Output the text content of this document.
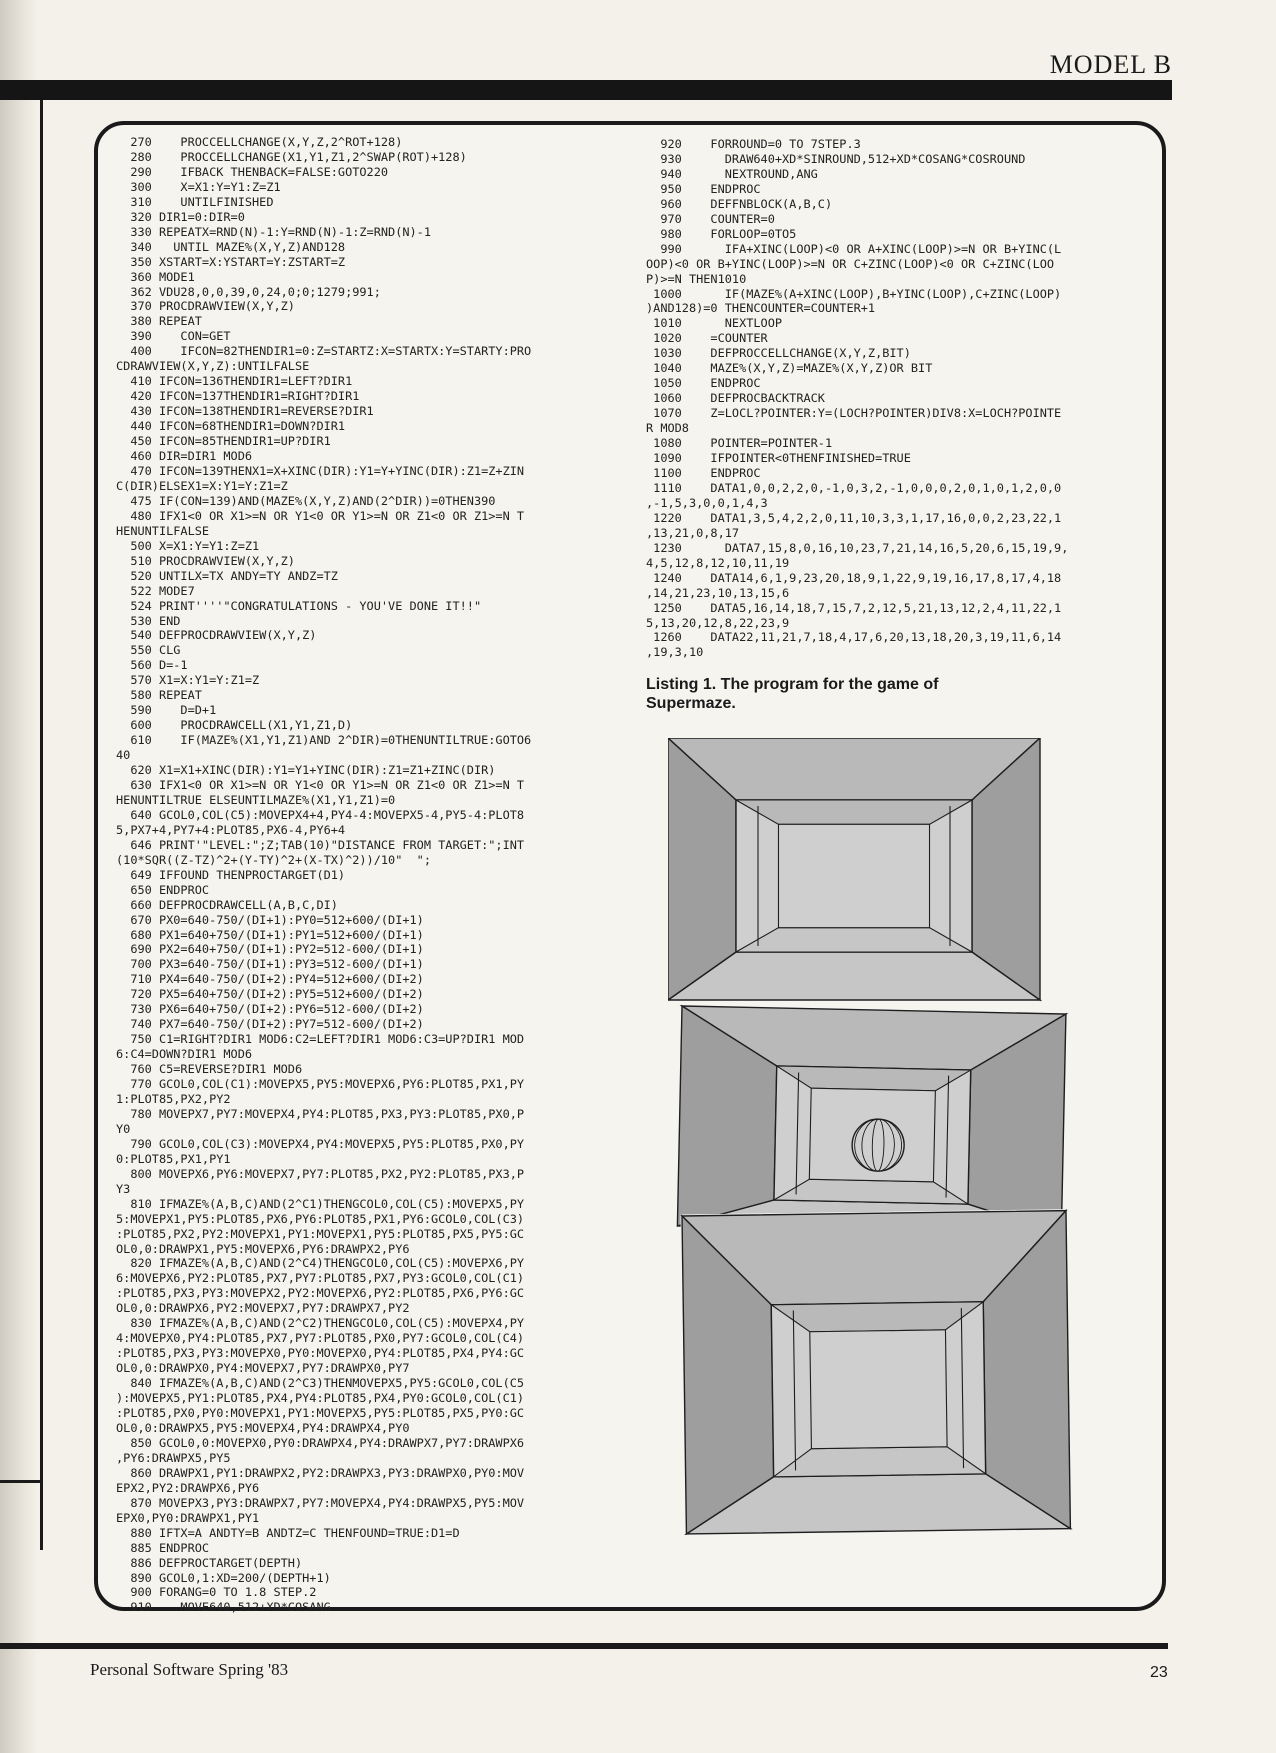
MODEL B
270    PROCCELLCHANGE(X,Y,Z,2^ROT+128)
280    PROCCELLCHANGE(X1,Y1,Z1,2^SWAP(ROT)+128)
290    IFBACK THENBACK=FALSE:GOTO220
300    X=X1:Y=Y1:Z=Z1
310    UNTILFINISHED
320 DIR1=0:DIR=0
330 REPEATX=RND(N)-1:Y=RND(N)-1:Z=RND(N)-1
340   UNTIL MAZE%(X,Y,Z)AND128
350 XSTART=X:YSTART=Y:ZSTART=Z
360 MODE1
362 VDU28,0,0,39,0,24,0;0;1279;991;
370 PROCDRAWVIEW(X,Y,Z)
380 REPEAT
390    CON=GET
400    IFCON=82THENDIR1=0:Z=STARTZ:X=STARTX:Y=STARTY:PRO
CDRAWVIEW(X,Y,Z):UNTILFALSE
410 IFCON=136THENDIR1=LEFT?DIR1
420 IFCON=137THENDIR1=RIGHT?DIR1
430 IFCON=138THENDIR1=REVERSE?DIR1
440 IFCON=68THENDIR1=DOWN?DIR1
450 IFCON=85THENDIR1=UP?DIR1
460 DIR=DIR1 MOD6
470 IFCON=139THENX1=X+XINC(DIR):Y1=Y+YINC(DIR):Z1=Z+ZIN
C(DIR)ELSEX1=X:Y1=Y:Z1=Z
475 IF(CON=139)AND(MAZE%(X,Y,Z)AND(2^DIR))=0THEN390
480 IFX1<0 OR X1>=N OR Y1<0 OR Y1>=N OR Z1<0 OR Z1>=N T
HENUNTILFALSE
500 X=X1:Y=Y1:Z=Z1
510 PROCDRAWVIEW(X,Y,Z)
520 UNTILX=TX ANDY=TY ANDZ=TZ
522 MODE7
524 PRINT''''"CONGRATULATIONS - YOU'VE DONE IT!!"
530 END
540 DEFPROCDRAWVIEW(X,Y,Z)
550 CLG
560 D=-1
570 X1=X:Y1=Y:Z1=Z
580 REPEAT
590    D=D+1
600    PROCDRAWCELL(X1,Y1,Z1,D)
610    IF(MAZE%(X1,Y1,Z1)AND 2^DIR)=0THENUNTILTRUE:GOTO6
40
620 X1=X1+XINC(DIR):Y1=Y1+YINC(DIR):Z1=Z1+ZINC(DIR)
630 IFX1<0 OR X1>=N OR Y1<0 OR Y1>=N OR Z1<0 OR Z1>=N T
HENUNTILTRUE ELSEUNTILMAZE%(X1,Y1,Z1)=0
640 GCOL0,COL(C5):MOVEPX4+4,PY4-4:MOVEPX5-4,PY5-4:PLOT8
5,PX7+4,PY7+4:PLOT85,PX6-4,PY6+4
646 PRINT'"LEVEL:";Z;TAB(10)"DISTANCE FROM TARGET:";INT
(10*SQR((Z-TZ)^2+(Y-TY)^2+(X-TX)^2))/10"  ";
649 IFFOUND THENPROCTARGET(D1)
650 ENDPROC
660 DEFPROCDRAWCELL(A,B,C,DI)
670 PX0=640-750/(DI+1):PY0=512+600/(DI+1)
680 PX1=640+750/(DI+1):PY1=512+600/(DI+1)
690 PX2=640+750/(DI+1):PY2=512-600/(DI+1)
700 PX3=640-750/(DI+1):PY3=512-600/(DI+1)
710 PX4=640-750/(DI+2):PY4=512+600/(DI+2)
720 PX5=640+750/(DI+2):PY5=512+600/(DI+2)
730 PX6=640+750/(DI+2):PY6=512-600/(DI+2)
740 PX7=640-750/(DI+2):PY7=512-600/(DI+2)
750 C1=RIGHT?DIR1 MOD6:C2=LEFT?DIR1 MOD6:C3=UP?DIR1 MOD
6:C4=DOWN?DIR1 MOD6
760 C5=REVERSE?DIR1 MOD6
770 GCOL0,COL(C1):MOVEPX5,PY5:MOVEPX6,PY6:PLOT85,PX1,PY
1:PLOT85,PX2,PY2
780 MOVEPX7,PY7:MOVEPX4,PY4:PLOT85,PX3,PY3:PLOT85,PX0,P
Y0
790 GCOL0,COL(C3):MOVEPX4,PY4:MOVEPX5,PY5:PLOT85,PX0,PY
0:PLOT85,PX1,PY1
800 MOVEPX6,PY6:MOVEPX7,PY7:PLOT85,PX2,PY2:PLOT85,PX3,P
Y3
810 IFMAZE%(A,B,C)AND(2^C1)THENGCOL0,COL(C5):MOVEPX5,PY
5:MOVEPX1,PY5:PLOT85,PX6,PY6:PLOT85,PX1,PY6:GCOL0,COL(C3)
:PLOT85,PX2,PY2:MOVEPX1,PY1:MOVEPX1,PY5:PLOT85,PX5,PY5:GC
OL0,0:DRAWPX1,PY5:MOVEPX6,PY6:DRAWPX2,PY6
820 IFMAZE%(A,B,C)AND(2^C4)THENGCOL0,COL(C5):MOVEPX6,PY
6:MOVEPX6,PY2:PLOT85,PX7,PY7:PLOT85,PX7,PY3:GCOL0,COL(C1)
:PLOT85,PX3,PY3:MOVEPX2,PY2:MOVEPX6,PY2:PLOT85,PX6,PY6:GC
OL0,0:DRAWPX6,PY2:MOVEPX7,PY7:DRAWPX7,PY2
830 IFMAZE%(A,B,C)AND(2^C2)THENGCOL0,COL(C5):MOVEPX4,PY
4:MOVEPX0,PY4:PLOT85,PX7,PY7:PLOT85,PX0,PY7:GCOL0,COL(C4)
:PLOT85,PX3,PY3:MOVEPX0,PY0:MOVEPX0,PY4:PLOT85,PX4,PY4:GC
OL0,0:DRAWPX0,PY4:MOVEPX7,PY7:DRAWPX0,PY7
840 IFMAZE%(A,B,C)AND(2^C3)THENMOVEPX5,PY5:GCOL0,COL(C5
):MOVEPX5,PY1:PLOT85,PX4,PY4:PLOT85,PX4,PY0:GCOL0,COL(C1)
:PLOT85,PX0,PY0:MOVEPX1,PY1:MOVEPX5,PY5:PLOT85,PX5,PY0:GC
OL0,0:DRAWPX5,PY5:MOVEPX4,PY4:DRAWPX4,PY0
850 GCOL0,0:MOVEPX0,PY0:DRAWPX4,PY4:DRAWPX7,PY7:DRAWPX6
,PY6:DRAWPX5,PY5
860 DRAWPX1,PY1:DRAWPX2,PY2:DRAWPX3,PY3:DRAWPX0,PY0:MOV
EPX2,PY2:DRAWPX6,PY6
870 MOVEPX3,PY3:DRAWPX7,PY7:MOVEPX4,PY4:DRAWPX5,PY5:MOV
EPX0,PY0:DRAWPX1,PY1
880 IFTX=A ANDTY=B ANDTZ=C THENFOUND=TRUE:D1=D
885 ENDPROC
886 DEFPROCTARGET(DEPTH)
890 GCOL0,1:XD=200/(DEPTH+1)
900 FORANG=0 TO 1.8 STEP.2
910    MOVE640,512+XD*COSANG
920    FORROUND=0 TO 7STEP.3
930      DRAW640+XD*SINROUND,512+XD*COSANG*COSROUND
940      NEXTROUND,ANG
950    ENDPROC
960    DEFFNBLOCK(A,B,C)
970    COUNTER=0
980    FORLOOP=0TO5
990      IFA+XINC(LOOP)<0 OR A+XINC(LOOP)>=N OR B+YINC(L
OOP)<0 OR B+YINC(LOOP)>=N OR C+ZINC(LOOP)<0 OR C+ZINC(LOO
P)>=N THEN1010
1000      IF(MAZE%(A+XINC(LOOP),B+YINC(LOOP),C+ZINC(LOOP)
)AND128)=0 THENCOUNTER=COUNTER+1
1010      NEXTLOOP
1020    =COUNTER
1030    DEFPROCCELLCHANGE(X,Y,Z,BIT)
1040    MAZE%(X,Y,Z)=MAZE%(X,Y,Z)OR BIT
1050    ENDPROC
1060    DEFPROCBACKTRACK
1070    Z=LOCL?POINTER:Y=(LOCH?POINTER)DIV8:X=LOCH?POINTE
R MOD8
1080    POINTER=POINTER-1
1090    IFPOINTER<0THENFINISHED=TRUE
1100    ENDPROC
1110    DATA1,0,0,2,2,0,-1,0,3,2,-1,0,0,0,2,0,1,0,1,2,0,0
,-1,5,3,0,0,1,4,3
1220    DATA1,3,5,4,2,2,0,11,10,3,3,1,17,16,0,0,2,23,22,1
,13,21,0,8,17
1230      DATA7,15,8,0,16,10,23,7,21,14,16,5,20,6,15,19,9,
4,5,12,8,12,10,11,19
1240    DATA14,6,1,9,23,20,18,9,1,22,9,19,16,17,8,17,4,18
,14,21,23,10,13,15,6
1250    DATA5,16,14,18,7,15,7,2,12,5,21,13,12,2,4,11,22,1
5,13,20,12,8,22,23,9
1260    DATA22,11,21,7,18,4,17,6,20,13,18,20,3,19,11,6,14
,19,3,10
Listing 1. The program for the game of Supermaze.
Personal Software Spring '83	23
